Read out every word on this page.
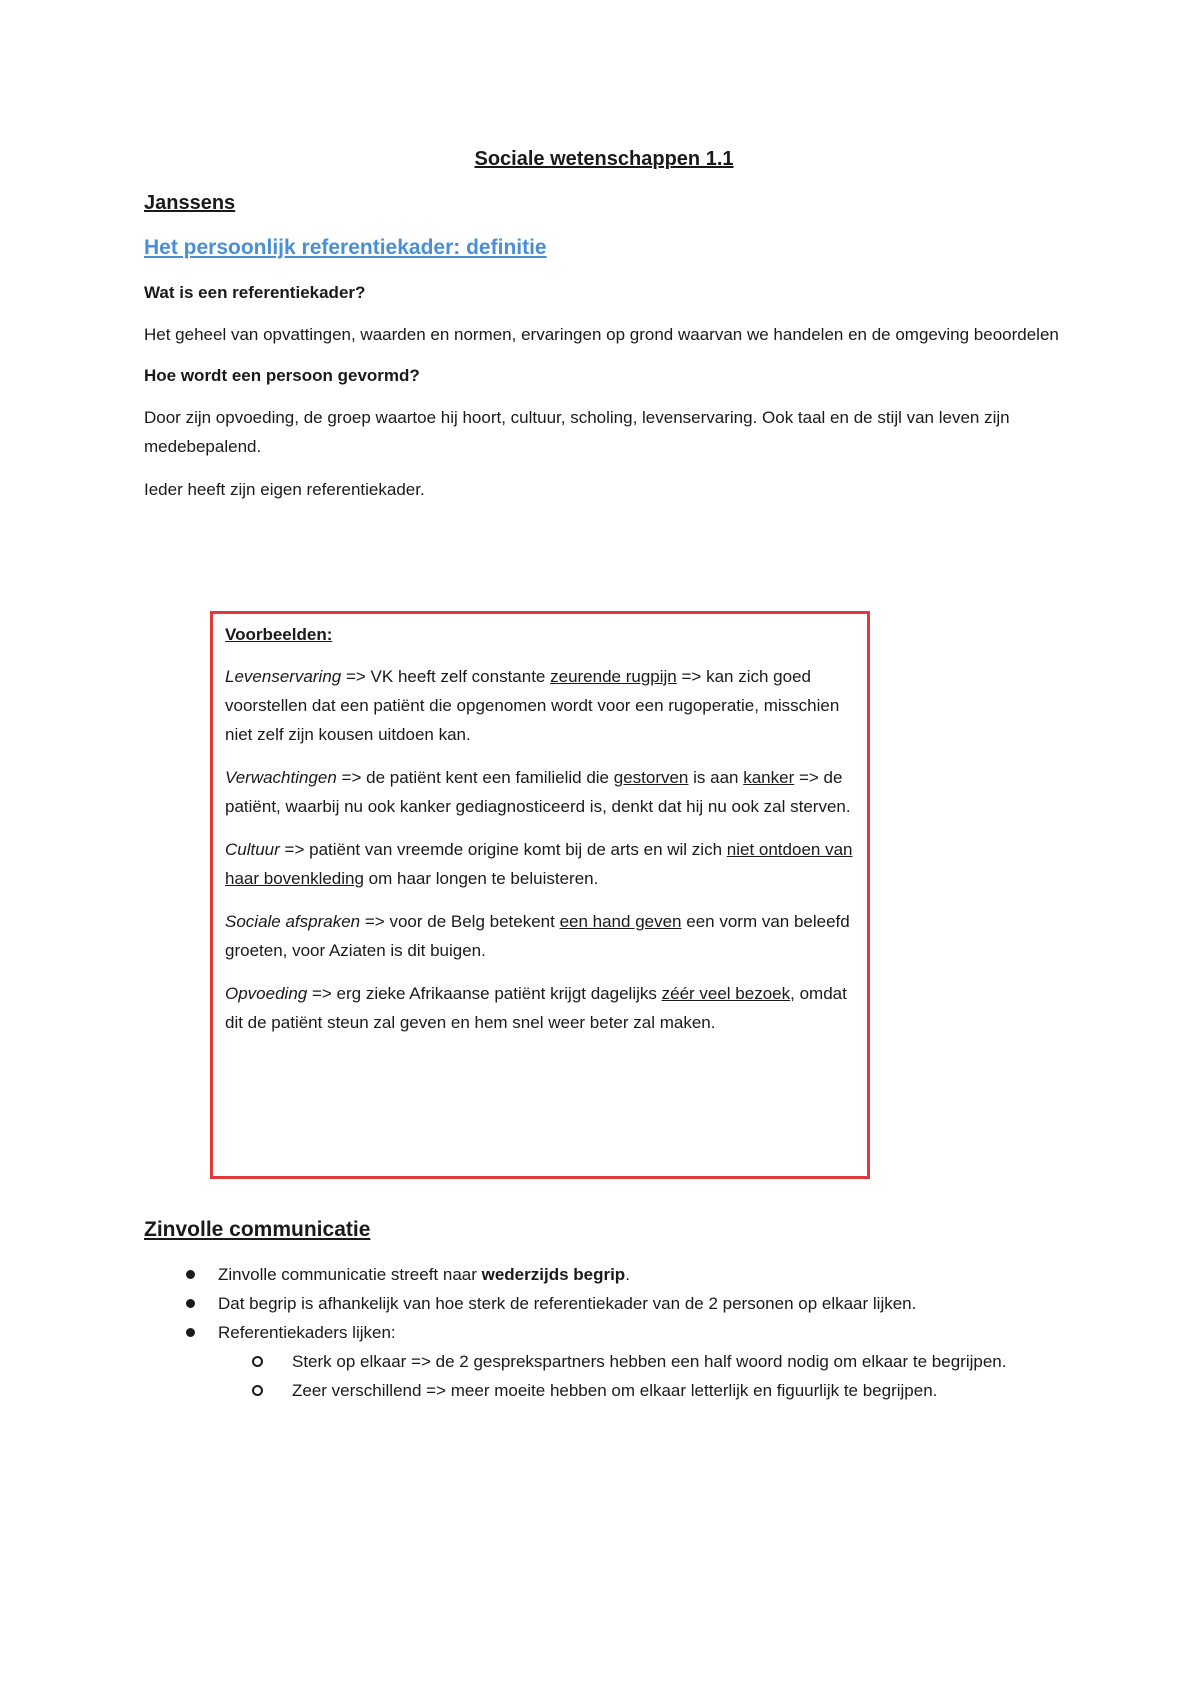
Sociale wetenschappen 1.1
Janssens
Het persoonlijk referentiekader: definitie
Wat is een referentiekader?
Het geheel van opvattingen, waarden en normen, ervaringen op grond waarvan we handelen en de omgeving beoordelen
Hoe wordt een persoon gevormd?
Door zijn opvoeding, de groep waartoe hij hoort, cultuur, scholing, levenservaring. Ook taal en de stijl van leven zijn medebepalend.
Ieder heeft zijn eigen referentiekader.
Voorbeelden:
Levenservaring => VK heeft zelf constante zeurende rugpijn => kan zich goed voorstellen dat een patiënt die opgenomen wordt voor een rugoperatie, misschien niet zelf zijn kousen uitdoen kan.
Verwachtingen => de patiënt kent een familielid die gestorven is aan kanker => de patiënt, waarbij nu ook kanker gediagnosticeerd is, denkt dat hij nu ook zal sterven.
Cultuur => patiënt van vreemde origine komt bij de arts en wil zich niet ontdoen van haar bovenkleding om haar longen te beluisteren.
Sociale afspraken => voor de Belg betekent een hand geven een vorm van beleefd groeten, voor Aziaten is dit buigen.
Opvoeding => erg zieke Afrikaanse patiënt krijgt dagelijks zéér veel bezoek, omdat dit de patiënt steun zal geven en hem snel weer beter zal maken.
Zinvolle communicatie
Zinvolle communicatie streeft naar wederzijds begrip.
Dat begrip is afhankelijk van hoe sterk de referentiekader van de 2 personen op elkaar lijken.
Referentiekaders lijken:
Sterk op elkaar => de 2 gesprekspartners hebben een half woord nodig om elkaar te begrijpen.
Zeer verschillend => meer moeite hebben om elkaar letterlijk en figuurlijk te begrijpen.
